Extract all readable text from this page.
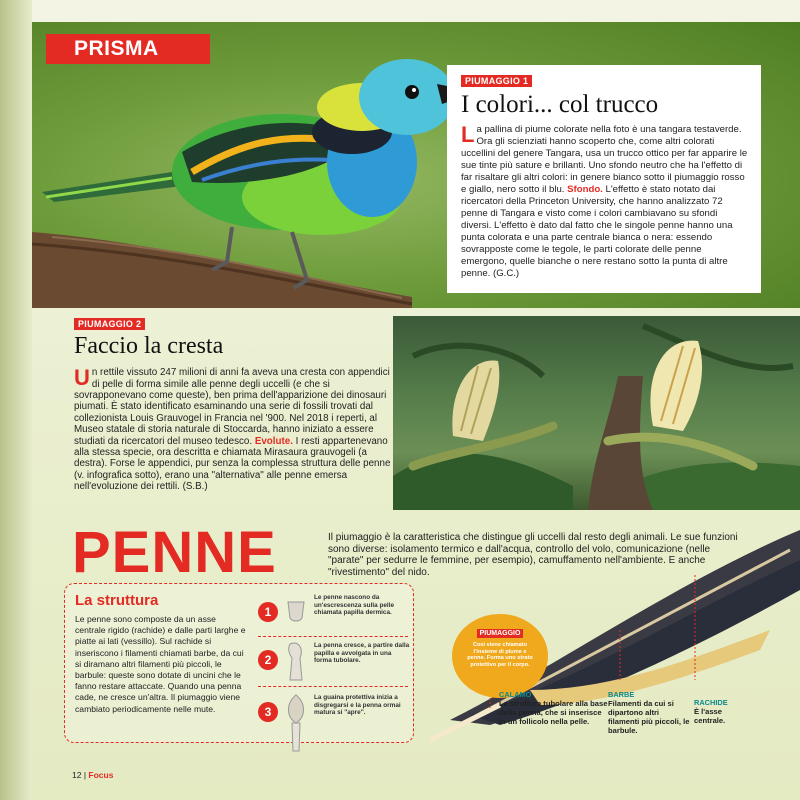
PRISMA
PIUMAGGIO 1
I colori... col trucco

La pallina di piume colorate nella foto è una tangara testaverde. Ora gli scienziati hanno scoperto che, come altri colorati uccellini del genere Tangara, usa un trucco ottico per far apparire le sue tinte più sature e brillanti. Uno sfondo neutro che ha l'effetto di far risaltare gli altri colori: in genere bianco sotto il piumaggio rosso e giallo, nero sotto il blu. Sfondo. L'effetto è stato notato dai ricercatori della Princeton University, che hanno analizzato 72 penne di Tangara e visto come i colori cambiavano su sfondi diversi. L'effetto è dato dal fatto che le singole penne hanno una punta colorata e una parte centrale bianca o nera: essendo sovrapposte come le tegole, le parti colorate delle penne emergono, quelle bianche o nere restano sotto la punta di altre penne. (G.C.)

PIUMAGGIO 2
Faccio la cresta

Un rettile vissuto 247 milioni di anni fa aveva una cresta con appendici di pelle di forma simile alle penne degli uccelli (e che si sovrapponevano come queste), ben prima dell'apparizione dei dinosauri piumati. È stato identificato esaminando una serie di fossili trovati dal collezionista Louis Grauvogel in Francia nel '900. Nel 2018 i reperti, al Museo statale di storia naturale di Stoccarda, hanno iniziato a essere studiati da ricercatori del museo tedesco. Evolute. I resti appartenevano alla stessa specie, ora descritta e chiamata Mirasaura grauvogeli (a destra). Forse le appendici, pur senza la complessa struttura delle penne (v. infografica sotto), erano una "alternativa" alle penne emersa nell'evoluzione dei rettili. (S.B.)

PENNE	Il piumaggio è la caratteristica che distingue gli uccelli dal resto degli animali. Le sue funzioni sono diverse: isolamento termico e dall'acqua, controllo del volo, comunicazione (nelle "parate" per sedurre le femmine, per esempio), camuffamento nell'ambiente. E anche "rivestimento" del nido.

La struttura

Le penne sono composte da un asse centrale rigido (rachide) e dalle parti larghe e piatte ai lati (vessillo). Sul rachide si inseriscono i filamenti chiamati barbe, da cui si diramano altri filamenti più piccoli, le barbule: queste sono dotate di uncini che le fanno restare attaccate. Quando una penna cade, ne cresce un'altra. Il piumaggio viene cambiato periodicamente nelle mute.

1
Le penne nascono da un'escrescenza sulla pelle chiamata papilla dermica.
2
La penna cresce, a partire dalla papilla e avvolgata in una forma tubolare.
3
La guaina protettiva inizia a disgregarsi e la penna ormai matura si "apre".
PIUMAGGIO
Così viene chiamato l'insieme di piume e penne. Forma uno strato protettivo per il corpo.
CALAMO
La struttura tubolare alla base della penna, che si inserisce in un follicolo nella pelle.
BARBE
Filamenti da cui si dipartono altri filamenti più piccoli, le barbule.
RACHIDE
È l'asse centrale.
12 | Focus
